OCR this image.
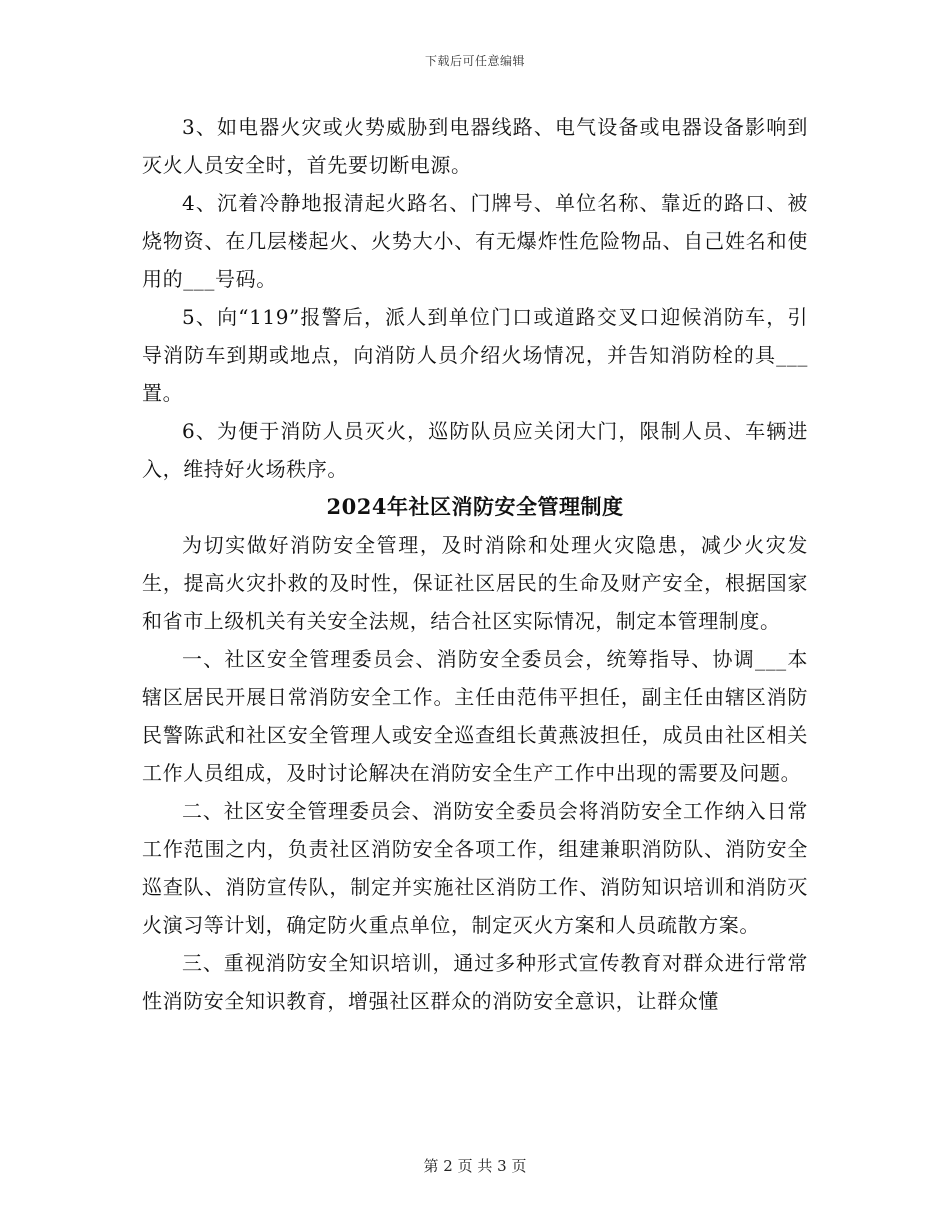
下载后可任意编辑

3、如电器火灾或火势威胁到电器线路、电气设备或电器设备影响到灭火人员安全时，首先要切断电源。

4、沉着冷静地报清起火路名、门牌号、单位名称、靠近的路口、被烧物资、在几层楼起火、火势大小、有无爆炸性危险物品、自己姓名和使用的___号码。

5、向“119”报警后，派人到单位门口或道路交叉口迎候消防车，引导消防车到期或地点，向消防人员介绍火场情况，并告知消防栓的具___置。

6、为便于消防人员灭火，巡防队员应关闭大门，限制人员、车辆进入，维持好火场秩序。

2024年社区消防安全管理制度

为切实做好消防安全管理，及时消除和处理火灾隐患，减少火灾发生，提高火灾扑救的及时性，保证社区居民的生命及财产安全，根据国家和省市上级机关有关安全法规，结合社区实际情况，制定本管理制度。

一、社区安全管理委员会、消防安全委员会，统筹指导、协调___本辖区居民开展日常消防安全工作。主任由范伟平担任，副主任由辖区消防民警陈武和社区安全管理人或安全巡查组长黄燕波担任，成员由社区相关工作人员组成，及时讨论解决在消防安全生产工作中出现的需要及问题。

二、社区安全管理委员会、消防安全委员会将消防安全工作纳入日常工作范围之内，负责社区消防安全各项工作，组建兼职消防队、消防安全巡查队、消防宣传队，制定并实施社区消防工作、消防知识培训和消防灭火演习等计划，确定防火重点单位，制定灭火方案和人员疏散方案。

三、重视消防安全知识培训，通过多种形式宣传教育对群众进行常常性消防安全知识教育，增强社区群众的消防安全意识，让群众懂

第 2 页 共 3 页
